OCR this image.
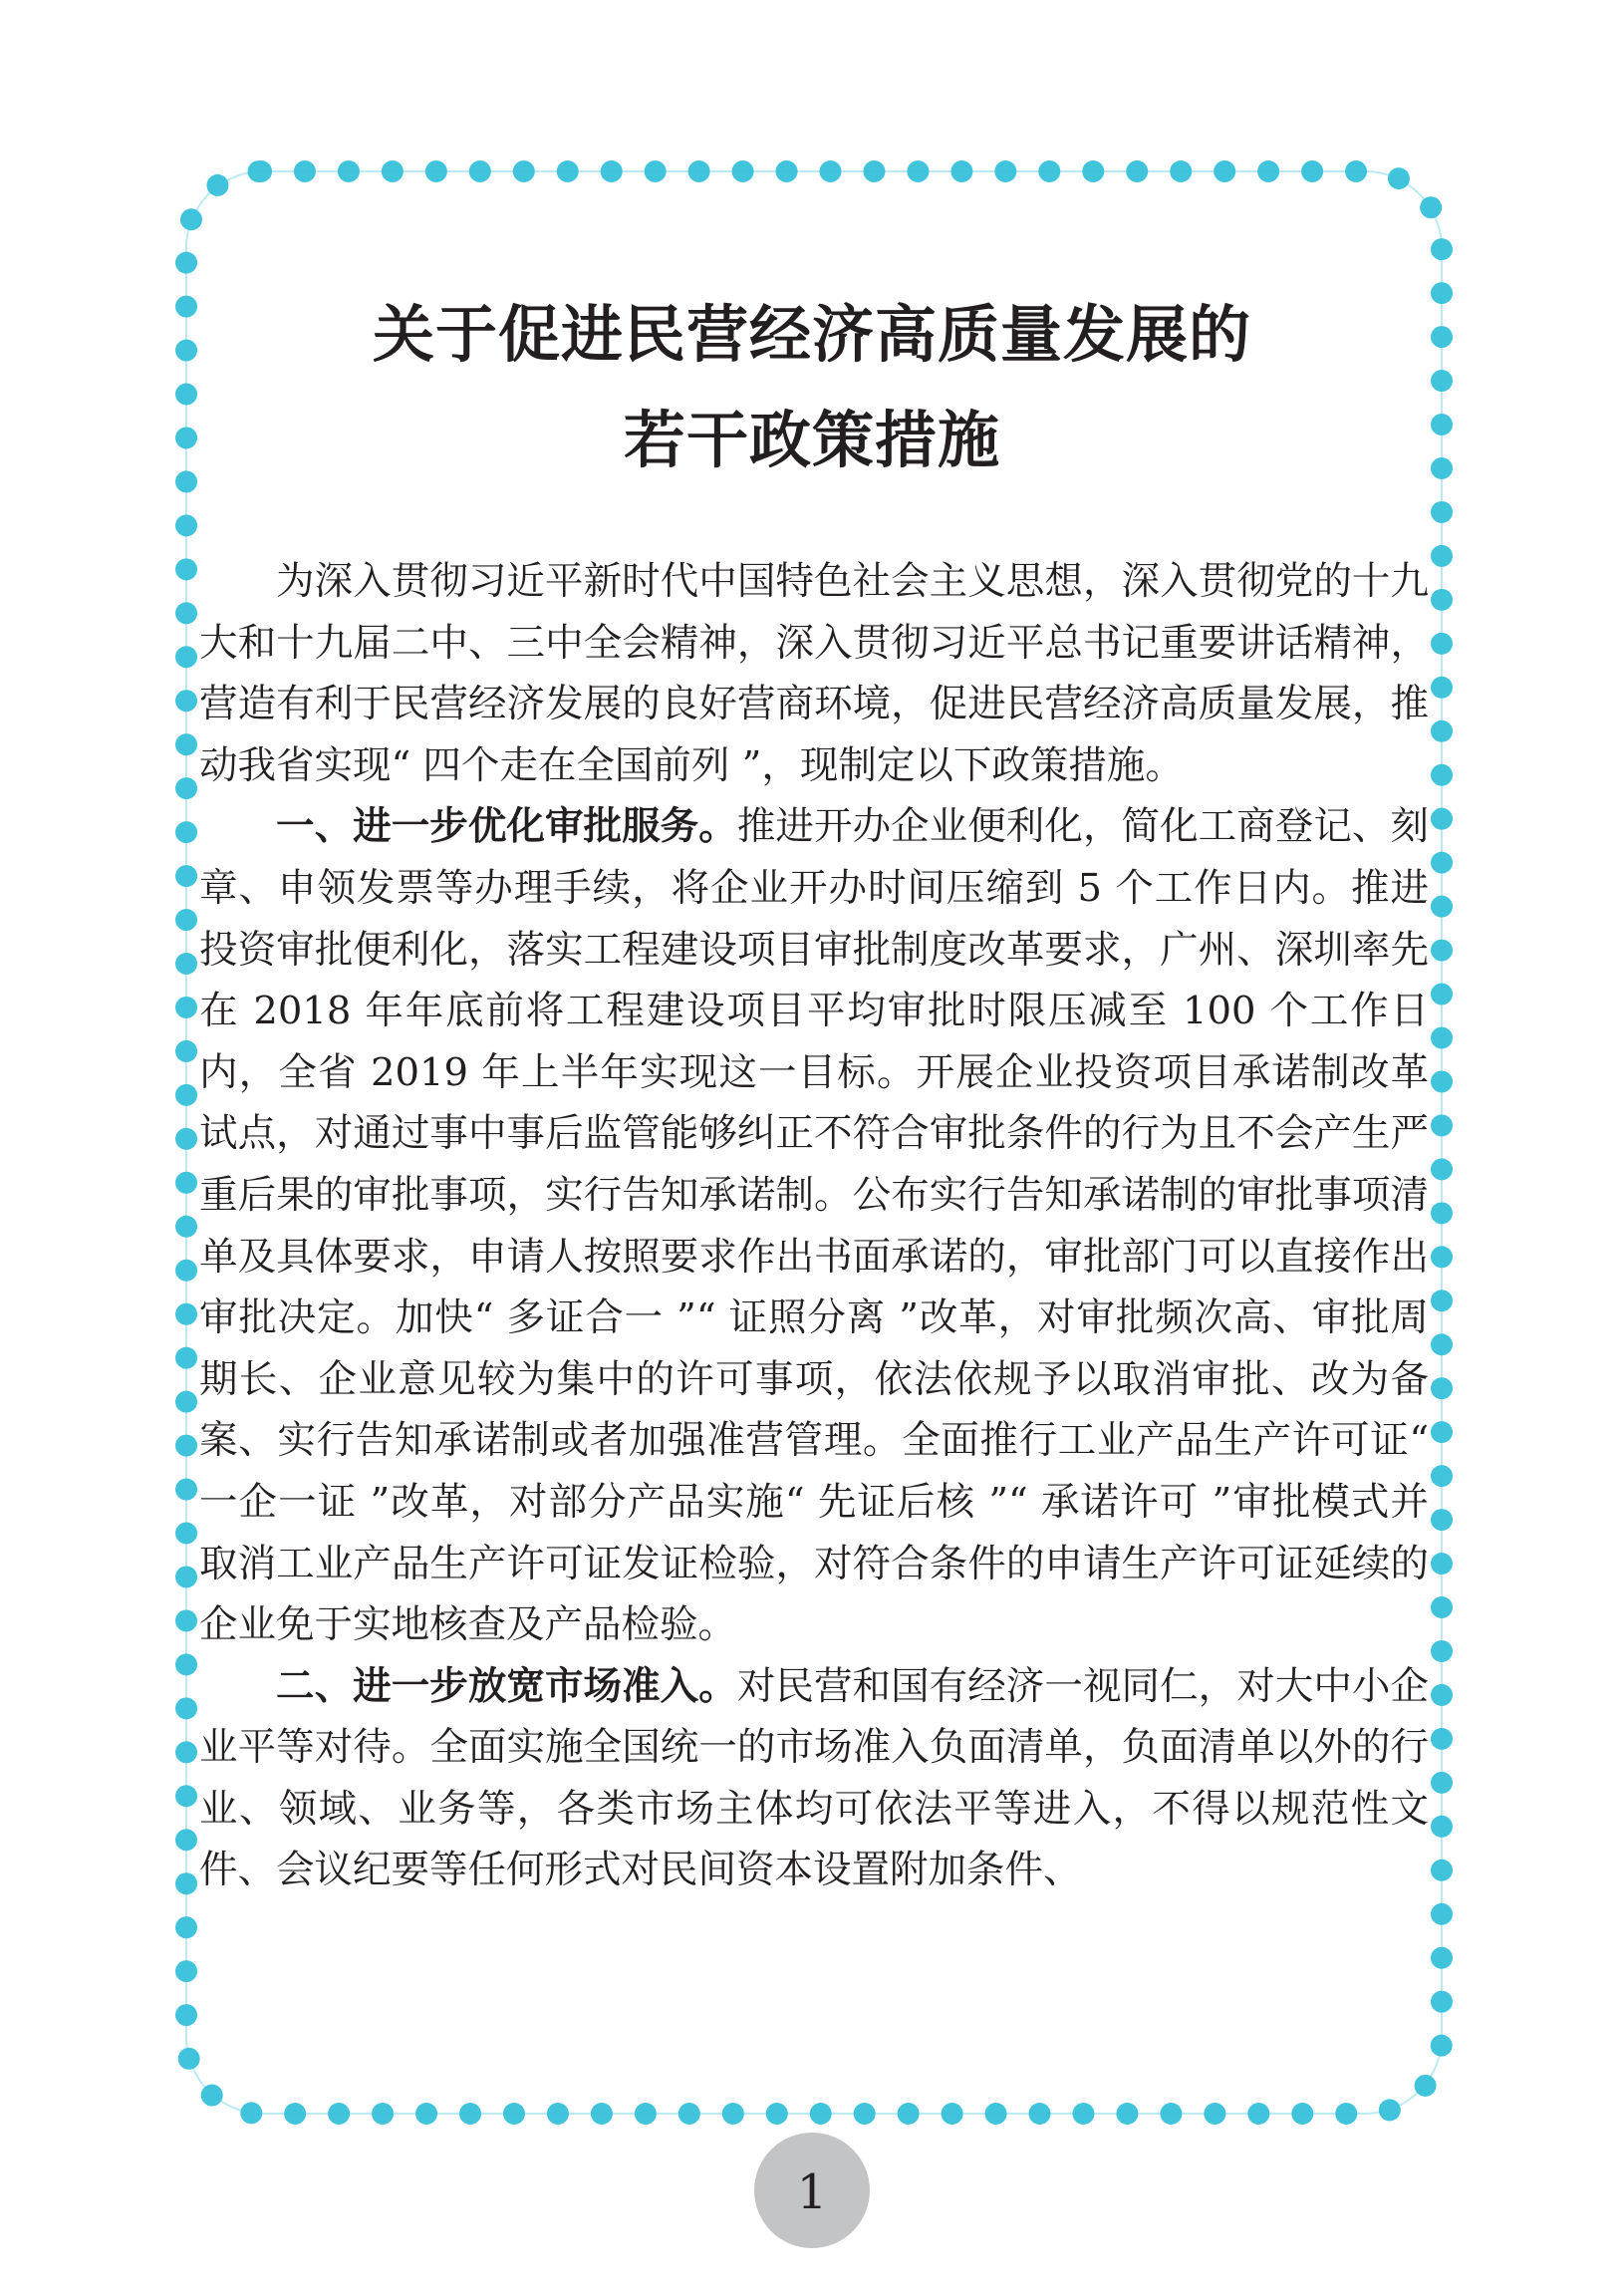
关于促进民营经济高质量发展的
若干政策措施

为深入贯彻习近平新时代中国特色社会主义思想，深入贯彻党的十九大和十九届二中、三中全会精神，深入贯彻习近平总书记重要讲话精神，营造有利于民营经济发展的良好营商环境，促进民营经济高质量发展，推动我省实现“ 四个走在全国前列 ”，现制定以下政策措施。

一、进一步优化审批服务。推进开办企业便利化，简化工商登记、刻章、申领发票等办理手续，将企业开办时间压缩到 5 个工作日内。推进投资审批便利化，落实工程建设项目审批制度改革要求，广州、深圳率先在 2018 年年底前将工程建设项目平均审批时限压减至 100 个工作日内，全省 2019 年上半年实现这一目标。开展企业投资项目承诺制改革试点，对通过事中事后监管能够纠正不符合审批条件的行为且不会产生严重后果的审批事项，实行告知承诺制。公布实行告知承诺制的审批事项清单及具体要求，申请人按照要求作出书面承诺的，审批部门可以直接作出审批决定。加快“ 多证合一 ”“ 证照分离 ”改革，对审批频次高、审批周期长、企业意见较为集中的许可事项，依法依规予以取消审批、改为备案、实行告知承诺制或者加强准营管理。全面推行工业产品生产许可证“ 一企一证 ”改革，对部分产品实施“ 先证后核 ”“ 承诺许可 ”审批模式并取消工业产品生产许可证发证检验，对符合条件的申请生产许可证延续的企业免于实地核查及产品检验。

二、进一步放宽市场准入。对民营和国有经济一视同仁，对大中小企业平等对待。全面实施全国统一的市场准入负面清单，负面清单以外的行业、领域、业务等，各类市场主体均可依法平等进入，不得以规范性文件、会议纪要等任何形式对民间资本设置附加条件、

1
